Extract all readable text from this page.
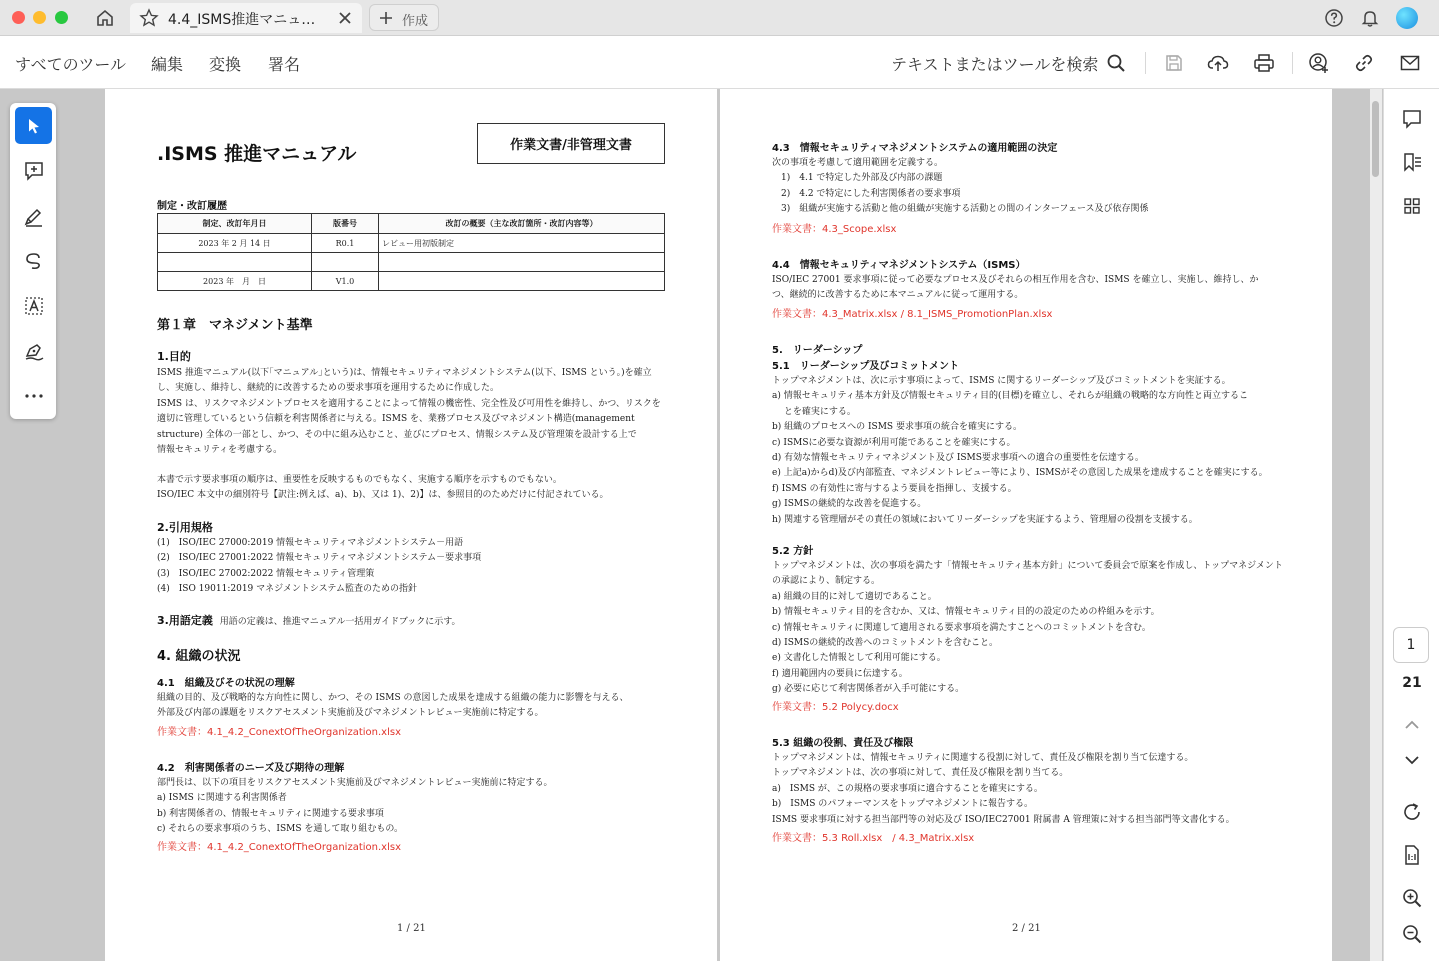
4.4_ISMS推進マニュ…	作成
すべてのツール 編集 変換 署名	テキストまたはツールを検索
作業文書/非管理文書
.ISMS 推進マニュアル
制定・改訂履歴
制定、改訂年月日	版番号	改訂の概要（主な改訂箇所・改訂内容等）
2023 年 2 月 14 日	R0.1	レビュー用初版制定

2023 年　月　日	V1.0	
第１章　マネジメント基準
1.目的
ISMS 推進マニュアル(以下｢マニュアル｣という)は、情報セキュリティマネジメントシステム(以下、ISMS という。)を確立
し、実施し、維持し、継続的に改善するための要求事項を運用するために作成した。
ISMS は、リスクマネジメントプロセスを適用することによって情報の機密性、完全性及び可用性を維持し、かつ、リスクを
適切に管理しているという信頼を利害関係者に与える。ISMS を、業務プロセス及びマネジメント構造(management
structure) 全体の一部とし、かつ、その中に組み込むこと、並びにプロセス、情報システム及び管理策を設計する上で
情報セキュリティを考慮する。
本書で示す要求事項の順序は、重要性を反映するものでもなく、実施する順序を示すものでもない。
ISO/IEC 本文中の細別符号【訳注:例えば、a)、b)、又は 1)、2)】は、参照目的のためだけに付記されている。
2.引用規格
(1)　ISO/IEC 27000:2019 情報セキュリティマネジメントシステム－用語
(2)　ISO/IEC 27001:2022 情報セキュリティマネジメントシステム－要求事項
(3)　ISO/IEC 27002:2022 情報セキュリティ管理策
(4)　ISO 19011:2019 マネジメントシステム監査のための指針
3.用語定義 用語の定義は、推進マニュアル一括用ガイドブックに示す。
4. 組織の状況
4.1　組織及びその状況の理解
組織の目的、及び戦略的な方向性に関し、かつ、その ISMS の意図した成果を達成する組織の能力に影響を与える、
外部及び内部の課題をリスクアセスメント実施前及びマネジメントレビュー実施前に特定する。
作業文書：4.1_4.2_ConextOfTheOrganization.xlsx
4.2　利害関係者のニーズ及び期待の理解
部門長は、以下の項目をリスクアセスメント実施前及びマネジメントレビュー実施前に特定する。
a) ISMS に関連する利害関係者
b) 利害関係者の、情報セキュリティに関連する要求事項
c) それらの要求事項のうち、ISMS を通して取り組むもの。
作業文書：4.1_4.2_ConextOfTheOrganization.xlsx
1 / 21
4.3　情報セキュリティマネジメントシステムの適用範囲の決定
次の事項を考慮して適用範囲を定義する。
　1)　4.1 で特定した外部及び内部の課題
　2)　4.2 で特定にした利害関係者の要求事項
　3)　組織が実施する活動と他の組織が実施する活動との間のインターフェース及び依存関係
作業文書：4.3_Scope.xlsx
4.4　情報セキュリティマネジメントシステム（ISMS）
ISO/IEC 27001 要求事項に従って必要なプロセス及びそれらの相互作用を含む、ISMS を確立し、実施し、維持し、か
つ、継続的に改善するために本マニュアルに従って運用する。
作業文書：4.3_Matrix.xlsx / 8.1_ISMS_PromotionPlan.xlsx
5.　リーダーシップ
5.1　リーダーシップ及びコミットメント
トップマネジメントは、次に示す事項によって、ISMS に関するリーダーシップ及びコミットメントを実証する。
a) 情報セキュリティ基本方針及び情報セキュリティ目的(目標)を確立し、それらが組織の戦略的な方向性と両立するこ
　 とを確実にする。
b) 組織のプロセスへの ISMS 要求事項の統合を確実にする。
c) ISMSに必要な資源が利用可能であることを確実にする。
d) 有効な情報セキュリティマネジメント及び ISMS要求事項への適合の重要性を伝達する。
e) 上記a)からd)及び内部監査、マネジメントレビュー等により、ISMSがその意図した成果を達成することを確実にする。
f) ISMS の有効性に寄与するよう要員を指揮し、支援する。
g) ISMSの継続的な改善を促進する。
h) 関連する管理層がその責任の領域においてリーダーシップを実証するよう、管理層の役割を支援する。
5.2 方針
トップマネジメントは、次の事項を満たす「情報セキュリティ基本方針」について委員会で原案を作成し、トップマネジメント
の承認により、制定する。
a) 組織の目的に対して適切であること。
b) 情報セキュリティ目的を含むか、又は、情報セキュリティ目的の設定のための枠組みを示す。
c) 情報セキュリティに関連して適用される要求事項を満たすことへのコミットメントを含む。
d) ISMSの継続的改善へのコミットメントを含むこと。
e) 文書化した情報として利用可能にする。
f) 適用範囲内の要員に伝達する。
g) 必要に応じて利害関係者が入手可能にする。
作業文書：5.2 Polycy.docx
5.3 組織の役割、責任及び権限
トップマネジメントは、情報セキュリティに関連する役割に対して、責任及び権限を割り当て伝達する。
トップマネジメントは、次の事項に対して、責任及び権限を割り当てる。
a)　ISMS が、この規格の要求事項に適合することを確実にする。
b)　ISMS のパフォーマンスをトップマネジメントに報告する。
ISMS 要求事項に対する担当部門等の対応及び ISO/IEC27001 附属書 A 管理策に対する担当部門等文書化する。
作業文書：5.3 Roll.xlsx　/ 4.3_Matrix.xlsx
2 / 21
1
21
